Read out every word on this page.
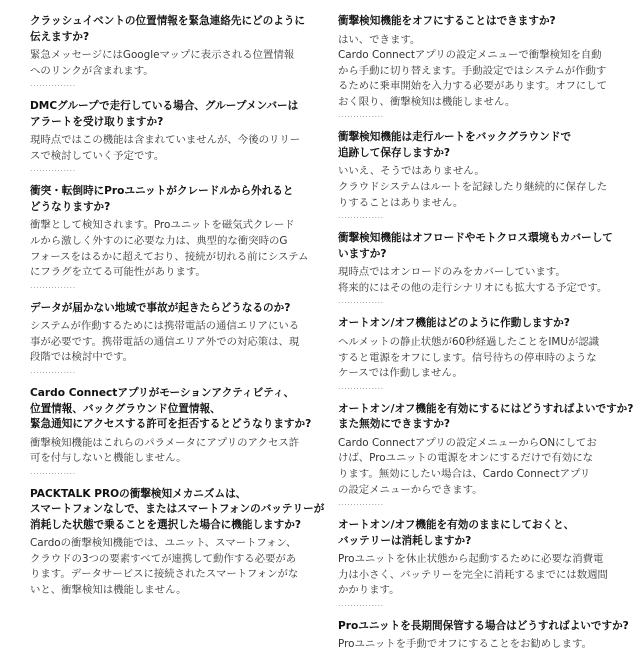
クラッシュイベントの位置情報を緊急連絡先にどのように
伝えますか?
緊急メッセージにはGoogleマップに表示される位置情報
へのリンクが含まれます。
...............
DMCグループで走行している場合、グループメンバーは
アラートを受け取りますか?
現時点ではこの機能は含まれていませんが、今後のリリー
スで検討していく予定です。
...............
衝突・転倒時にProユニットがクレードルから外れると
どうなりますか?
衝撃として検知されます。Proユニットを磁気式クレード
ルから激しく外すのに必要な力は、典型的な衝突時のG
フォースをはるかに超えており、接続が切れる前にシステム
にフラグを立てる可能性があります。
...............
データが届かない地域で事故が起きたらどうなるのか?
システムが作動するためには携帯電話の通信エリアにいる
事が必要です。携帯電話の通信エリア外での対応策は、現
段階では検討中です。
...............
Cardo Connectアプリがモーションアクティビティ、
位置情報、バックグラウンド位置情報、
緊急通知にアクセスする許可を拒否するとどうなりますか?
衝撃検知機能はこれらのパラメータにアプリのアクセス許
可を付与しないと機能しません。
...............
PACKTALK PROの衝撃検知メカニズムは、
スマートフォンなしで、またはスマートフォンのバッテリーが
消耗した状態で乗ることを選択した場合に機能しますか?
Cardoの衝撃検知機能では、ユニット、スマートフォン、
クラウドの3つの要素すべてが連携して動作する必要があ
ります。データサービスに接続されたスマートフォンがな
いと、衝撃検知は機能しません。
衝撃検知機能をオフにすることはできますか?
はい、できます。
Cardo Connectアプリの設定メニューで衝撃検知を自動
から手動に切り替えます。手動設定ではシステムが作動す
るために乗車開始を入力する必要があります。オフにして
おく限り、衝撃検知は機能しません。
...............
衝撃検知機能は走行ルートをバックグラウンドで
追跡して保存しますか?
いいえ、そうではありません。
クラウドシステムはルートを記録したり継続的に保存した
りすることはありません。
...............
衝撃検知機能はオフロードやモトクロス環境もカバーして
いますか?
現時点ではオンロードのみをカバーしています。
将来的にはその他の走行シナリオにも拡大する予定です。
...............
オートオン/オフ機能はどのように作動しますか?
ヘルメットの静止状態が60秒経過したことをIMUが認識
すると電源をオフにします。信号待ちの停車時のような
ケースでは作動しません。
...............
オートオン/オフ機能を有効にするにはどうすればよいですか?
また無効にできますか?
Cardo Connectアプリの設定メニューからONにしてお
けば、Proユニットの電源をオンにするだけで有効にな
ります。無効にしたい場合は、Cardo Connectアプリ
の設定メニューからできます。
...............
オートオン/オフ機能を有効のままにしておくと、
バッテリーは消耗しますか?
Proユニットを休止状態から起動するために必要な消費電
力は小さく、バッテリーを完全に消耗するまでには数週間
かかります。
...............
Proユニットを長期間保管する場合はどうすればよいですか?
Proユニットを手動でオフにすることをお勧めします。
